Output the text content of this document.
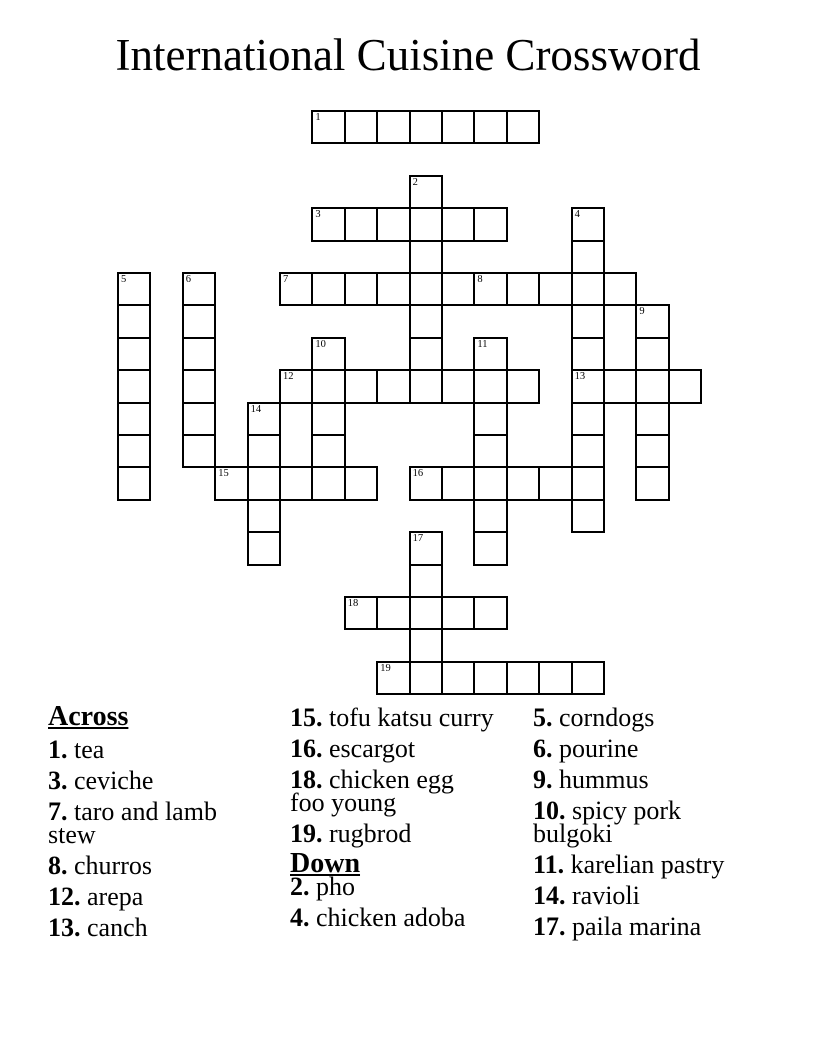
International Cuisine Crossword
1
2
3	4
13
5	6	7	8
9
10	11
12
14
15	16
17
18
19
Across
1. tea
3. ceviche
7. taro and lamb
stew
8. churros
12. arepa
13. canch
15. tofu katsu curry
16. escargot
18. chicken egg
foo young
19. rugbrod
Down
2. pho
4. chicken adoba
5. corndogs
6. pourine
9. hummus
10. spicy pork
bulgoki
11. karelian pastry
14. ravioli
17. paila marina
